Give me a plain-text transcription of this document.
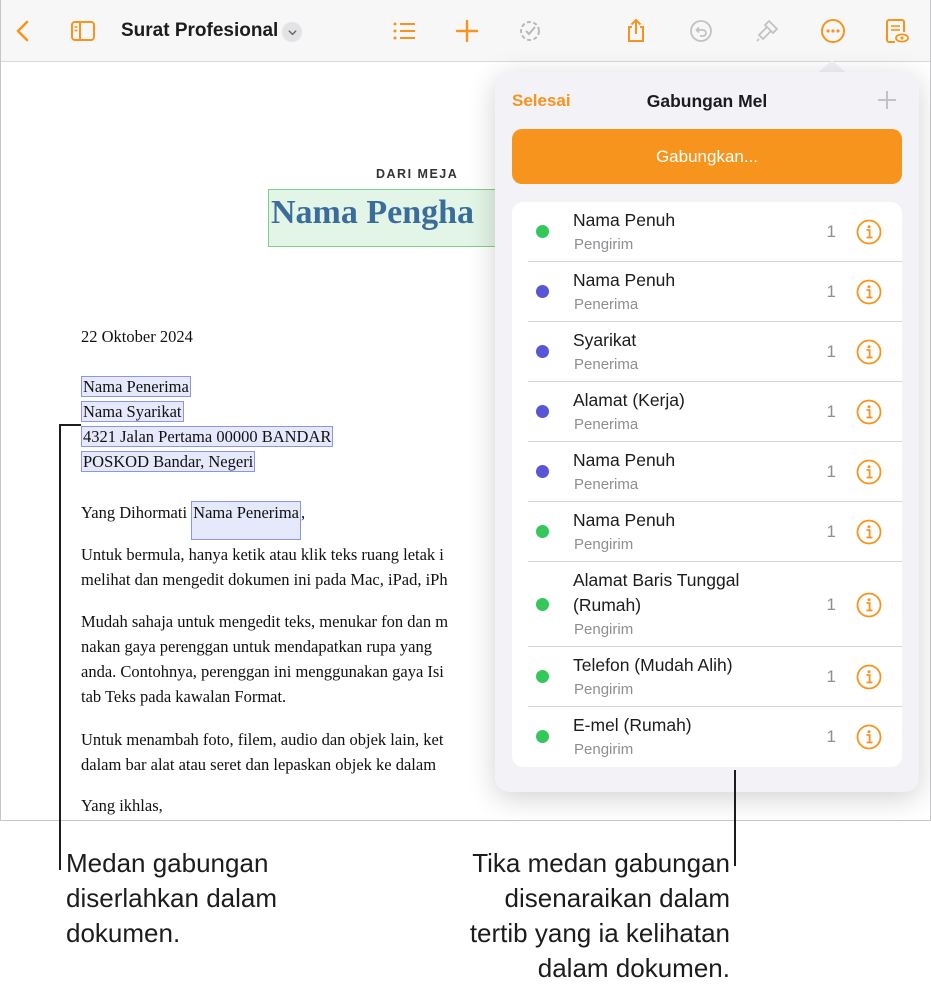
Surat Profesional
DARI MEJA
Nama Pengha
22 Oktober 2024
Nama Penerima
Nama Syarikat
4321 Jalan Pertama 00000 BANDAR
POSKOD Bandar, Negeri
Yang Dihormati Nama Penerima ,
Untuk bermula, hanya ketik atau klik teks ruang letak i
melihat dan mengedit dokumen ini pada Mac, iPad, iPh
Mudah sahaja untuk mengedit teks, menukar fon dan m
nakan gaya perenggan untuk mendapatkan rupa yang
anda. Contohnya, perenggan ini menggunakan gaya Isi
tab Teks pada kawalan Format.
Untuk menambah foto, filem, audio dan objek lain, ket
dalam bar alat atau seret dan lepaskan objek ke dalam
Yang ikhlas,
Gabungan Mel
Selesai
Gabungkan...
Nama Penuh
Pengirim
1
Nama Penuh
Penerima
1
Syarikat
Penerima
1
Alamat (Kerja)
Penerima
1
Nama Penuh
Penerima
1
Nama Penuh
Pengirim
1
Alamat Baris Tunggal
(Rumah)
Pengirim
1
Telefon (Mudah Alih)
Pengirim
1
E-mel (Rumah)
Pengirim
1
Medan gabungan
diserlahkan dalam
dokumen.
Tika medan gabungan
disenaraikan dalam
tertib yang ia kelihatan
dalam dokumen.
